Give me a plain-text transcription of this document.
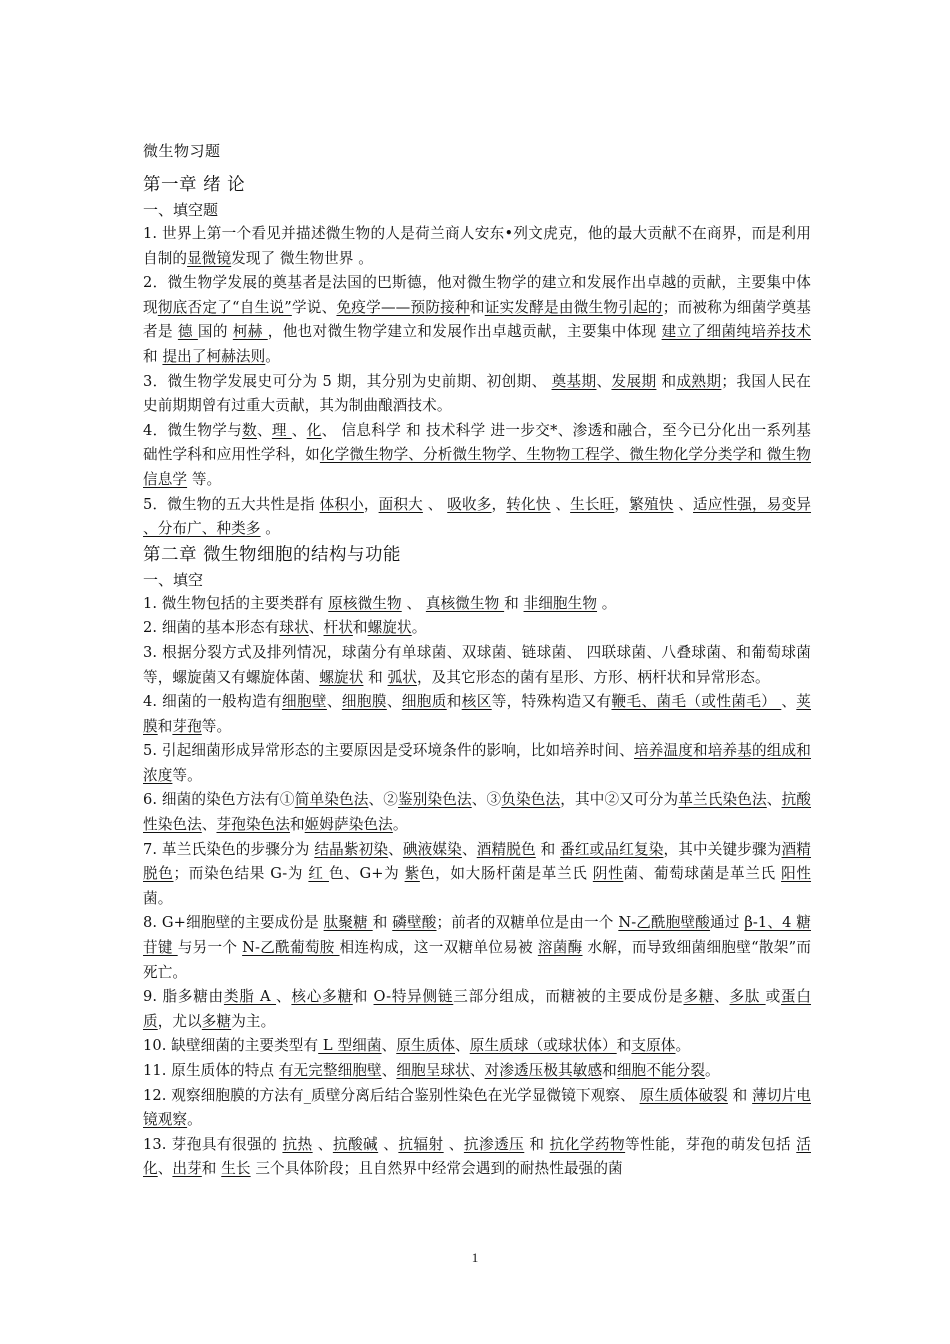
微生物习题

第一章 绪 论

一、填空题

1. 世界上第一个看见并描述微生物的人是荷兰商人安东•列文虎克，他的最大贡献不在商界，而是利用自制的显微镜发现了 微生物世界 。

2．微生物学发展的奠基者是法国的巴斯德，他对微生物学的建立和发展作出卓越的贡献，主要集中体现彻底否定了“自生说”学说、免疫学——预防接种和证实发酵是由微生物引起的；而被称为细菌学奠基者是 德 国的 柯赫 ，他也对微生物学建立和发展作出卓越贡献，主要集中体现 建立了细菌纯培养技术 和 提出了柯赫法则。

3．微生物学发展史可分为 5 期，其分别为史前期、初创期、 奠基期、发展期 和成熟期；我国人民在史前期期曾有过重大贡献，其为制曲酿酒技术。

4．微生物学与数、理 、化、 信息科学 和 技术科学 进一步交*、渗透和融合，至今已分化出一系列基础性学科和应用性学科，如化学微生物学、分析微生物学、生物物工程学、微生物化学分类学和 微生物信息学 等。

5．微生物的五大共性是指 体积小，面积大 、 吸收多，转化快 、生长旺，繁殖快 、适应性强，易变异 、分布广、种类多 。

第二章 微生物细胞的结构与功能

一、填空

1. 微生物包括的主要类群有 原核微生物 、 真核微生物 和 非细胞生物 。

2. 细菌的基本形态有球状、杆状和螺旋状。

3. 根据分裂方式及排列情况，球菌分有单球菌、双球菌、链球菌、 四联球菌、八叠球菌、和葡萄球菌等，螺旋菌又有螺旋体菌、螺旋状 和 弧状，及其它形态的菌有星形、方形、柄杆状和异常形态。

4. 细菌的一般构造有细胞壁、细胞膜、细胞质和核区等，特殊构造又有鞭毛、菌毛（或性菌毛） 、荚膜和芽孢等。

5. 引起细菌形成异常形态的主要原因是受环境条件的影响，比如培养时间、培养温度和培养基的组成和浓度等。

6. 细菌的染色方法有①简单染色法、②鉴别染色法、③负染色法，其中②又可分为革兰氏染色法、抗酸性染色法、芽孢染色法和姬姆萨染色法。

7. 革兰氏染色的步骤分为 结晶紫初染、碘液媒染、酒精脱色 和 番红或品红复染，其中关键步骤为酒精脱色；而染色结果 G-为 红 色、G+为 紫色，如大肠杆菌是革兰氏 阴性菌、葡萄球菌是革兰氏 阳性 菌。

8. G+细胞壁的主要成份是 肽聚糖 和 磷壁酸；前者的双糖单位是由一个 N-乙酰胞壁酸通过 β-1、4 糖苷键 与另一个 N-乙酰葡萄胺 相连构成，这一双糖单位易被 溶菌酶 水解，而导致细菌细胞壁“散架”而死亡。

9. 脂多糖由类脂 A 、核心多糖和 O-特异侧链三部分组成，而糖被的主要成份是多糖、多肽 或蛋白质，尤以多糖为主。

10. 缺壁细菌的主要类型有 L 型细菌、原生质体、原生质球（或球状体）和支原体。

11. 原生质体的特点 有无完整细胞壁、细胞呈球状、对渗透压极其敏感和细胞不能分裂。

12. 观察细胞膜的方法有_质壁分离后结合鉴别性染色在光学显微镜下观察、 原生质体破裂 和 薄切片电镜观察。

13. 芽孢具有很强的 抗热 、抗酸碱 、抗辐射 、抗渗透压 和 抗化学药物等性能，芽孢的萌发包括 活化、出芽和 生长 三个具体阶段；且自然界中经常会遇到的耐热性最强的菌

1
